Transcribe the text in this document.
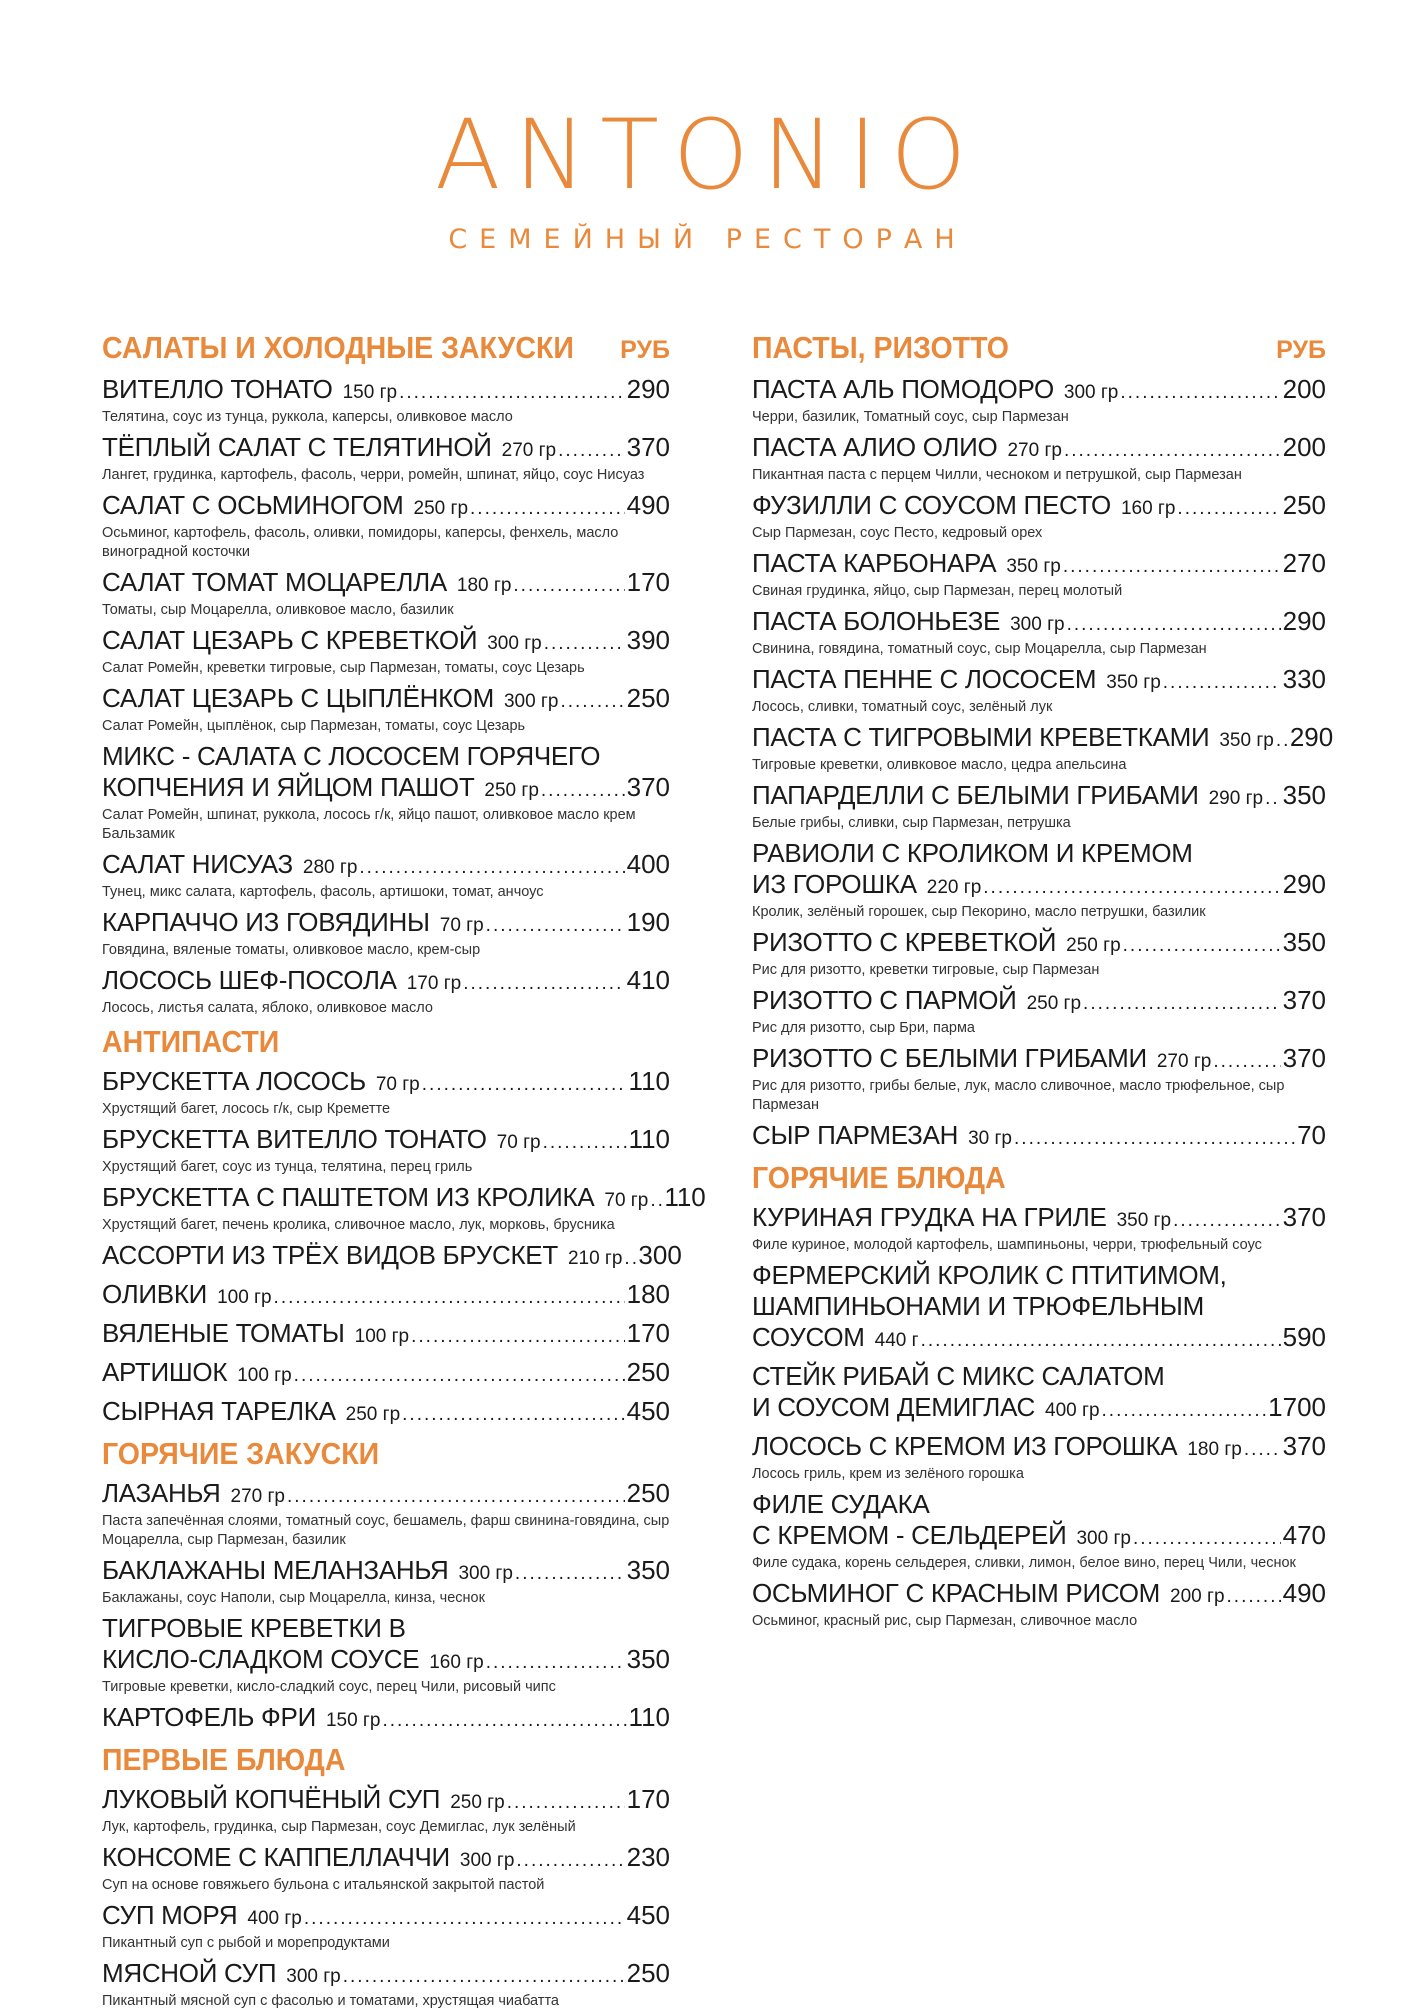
ANTONIO
СЕМЕЙНЫЙ РЕСТОРАН
САЛАТЫ И ХОЛОДНЫЕ ЗАКУСКИ РУБ
ВИТЕЛЛО ТОНАТО 150 гр .....	290
Телятина, соус из тунца, руккола, каперсы, оливковое масло
ТЁПЛЫЙ САЛАТ С ТЕЛЯТИНОЙ 270 гр .....	370
Лангет, грудинка, картофель, фасоль, черри, ромейн, шпинат, яйцо, соус Нисуаз
САЛАТ С ОСЬМИНОГОМ 250 гр .....	490
Осьминог, картофель, фасоль, оливки, помидоры, каперсы, фенхель, масло виноградной косточки
САЛАТ ТОМАТ МОЦАРЕЛЛА 180 гр .....	170
Томаты, сыр Моцарелла, оливковое масло, базилик
САЛАТ ЦЕЗАРЬ С КРЕВЕТКОЙ 300 гр .....	390
Салат Ромейн, креветки тигровые, сыр Пармезан, томаты, соус Цезарь
САЛАТ ЦЕЗАРЬ С ЦЫПЛЁНКОМ 300 гр .....	250
Салат Ромейн, цыплёнок, сыр Пармезан, томаты, соус Цезарь
МИКС - САЛАТА С ЛОСОСЕМ ГОРЯЧЕГО
КОПЧЕНИЯ И ЯЙЦОМ ПАШОТ 250 гр .....	370
Салат Ромейн, шпинат, руккола, лосось г/к, яйцо пашот, оливковое масло крем Бальзамик
САЛАТ НИСУАЗ 280 гр .....	400
Тунец, микс салата, картофель, фасоль, артишоки, томат, анчоус
КАРПАЧЧО ИЗ ГОВЯДИНЫ 70 гр .....	190
Говядина, вяленые томаты, оливковое масло, крем-сыр
ЛОСОСЬ ШЕФ-ПОСОЛА 170 гр .....	410
Лосось, листья салата, яблоко, оливковое масло
АНТИПАСТИ
БРУСКЕТТА ЛОСОСЬ 70 гр .....	110
Хрустящий багет, лосось г/к, сыр Креметте
БРУСКЕТТА ВИТЕЛЛО ТОНАТО 70 гр .....	110
Хрустящий багет, соус из тунца, телятина, перец гриль
БРУСКЕТТА С ПАШТЕТОМ ИЗ КРОЛИКА 70 гр ..... 110
Хрустящий багет, печень кролика, сливочное масло, лук, морковь, брусника
АССОРТИ ИЗ ТРЁХ ВИДОВ БРУСКЕТ 210 гр ..... 300
ОЛИВКИ 100 гр .....	180
ВЯЛЕНЫЕ ТОМАТЫ 100 гр .....	170
АРТИШОК 100 гр .....	250
СЫРНАЯ ТАРЕЛКА 250 гр .....	450
ГОРЯЧИЕ ЗАКУСКИ
ЛАЗАНЬЯ 270 гр .....	250
Паста запечённая слоями, томатный соус, бешамель, фарш свинина-говядина, сыр Моцарелла, сыр Пармезан, базилик
БАКЛАЖАНЫ МЕЛАНЗАНЬЯ 300 гр .....	350
Баклажаны, соус Наполи, сыр Моцарелла, кинза, чеснок
ТИГРОВЫЕ КРЕВЕТКИ В
КИСЛО-СЛАДКОМ СОУСЕ 160 гр .....	350
Тигровые креветки, кисло-сладкий соус, перец Чили, рисовый чипс
КАРТОФЕЛЬ ФРИ 150 гр .....	110
ПЕРВЫЕ БЛЮДА
ЛУКОВЫЙ КОПЧЁНЫЙ СУП 250 гр .....	170
Лук, картофель, грудинка, сыр Пармезан, соус Демиглас, лук зелёный
КОНСОМЕ С КАППЕЛЛАЧЧИ 300 гр .....	230
Суп на основе говяжьего бульона с итальянской закрытой пастой
СУП МОРЯ 400 гр .....	450
Пикантный суп с рыбой и морепродуктами
МЯСНОЙ СУП 300 гр .....	250
Пикантный мясной суп с фасолью и томатами, хрустящая чиабатта
ПАСТЫ, РИЗОТТО	РУБ
ПАСТА АЛЬ ПОМОДОРО 300 гр .....	200
Черри, базилик, Томатный соус, сыр Пармезан
ПАСТА АЛИО ОЛИО 270 гр .....	200
Пикантная паста с перцем Чилли, чесноком и петрушкой, сыр Пармезан
ФУЗИЛЛИ С СОУСОМ ПЕСТО 160 гр .....	250
Сыр Пармезан, соус Песто, кедровый орех
ПАСТА КАРБОНАРА 350 гр .....	270
Свиная грудинка, яйцо, сыр Пармезан, перец молотый
ПАСТА БОЛОНЬЕЗЕ 300 гр .....	290
Свинина, говядина, томатный соус, сыр Моцарелла, сыр Пармезан
ПАСТА ПЕННЕ С ЛОСОСЕМ 350 гр .....	330
Лосось, сливки, томатный соус, зелёный лук
ПАСТА С ТИГРОВЫМИ КРЕВЕТКАМИ 350 гр ..... 290
Тигровые креветки, оливковое масло, цедра апельсина
ПАПАРДЕЛЛИ С БЕЛЫМИ ГРИБАМИ 290 гр ..... 350
Белые грибы, сливки, сыр Пармезан, петрушка
РАВИОЛИ С КРОЛИКОМ И КРЕМОМ
ИЗ ГОРОШКА 220 гр .....	290
Кролик, зелёный горошек, сыр Пекорино, масло петрушки, базилик
РИЗОТТО С КРЕВЕТКОЙ 250 гр .....	350
Рис для ризотто, креветки тигровые, сыр Пармезан
РИЗОТТО С ПАРМОЙ 250 гр .....	370
Рис для ризотто, сыр Бри, парма
РИЗОТТО С БЕЛЫМИ ГРИБАМИ 270 гр .....	370
Рис для ризотто, грибы белые, лук, масло сливочное, масло трюфельное, сыр Пармезан
СЫР ПАРМЕЗАН 30 гр .....	70
ГОРЯЧИЕ БЛЮДА
КУРИНАЯ ГРУДКА НА ГРИЛЕ 350 гр .....	370
Филе куриное, молодой картофель, шампиньоны, черри, трюфельный соус
ФЕРМЕРСКИЙ КРОЛИК С ПТИТИМОМ,
ШАМПИНЬОНАМИ И ТРЮФЕЛЬНЫМ
СОУСОМ 440 г .....	590
СТЕЙК РИБАЙ С МИКС САЛАТОМ
И СОУСОМ ДЕМИГЛАС 400 гр .....	1700
ЛОСОСЬ С КРЕМОМ ИЗ ГОРОШКА 180 гр ..... 370
Лосось гриль, крем из зелёного горошка
ФИЛЕ СУДАКА
С КРЕМОМ - СЕЛЬДЕРЕЙ 300 гр .....	470
Филе судака, корень сельдерея, сливки, лимон, белое вино, перец Чили, чеснок
ОСЬМИНОГ С КРАСНЫМ РИСОМ 200 гр ..... 490
Осьминог, красный рис, сыр Пармезан, сливочное масло
